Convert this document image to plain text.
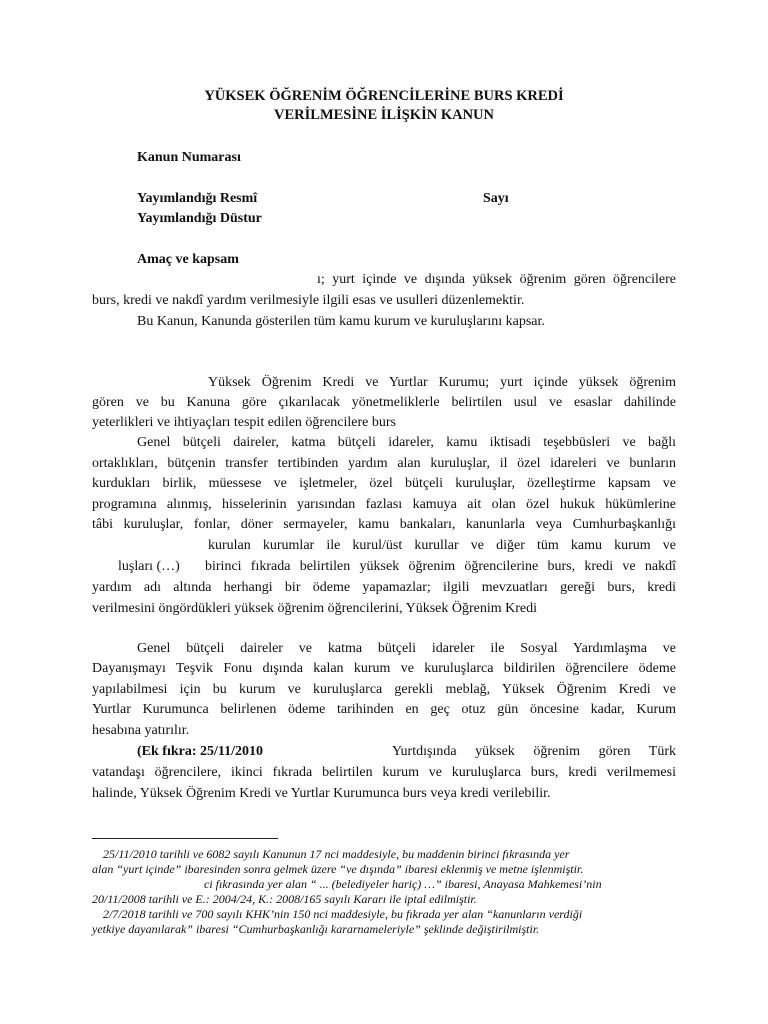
YÜKSEK ÖĞRENİM ÖĞRENCİLERİNE BURS KREDİ
VERİLMESİNE İLİŞKİN KANUN
Kanun Numarası
Yayımlandığı Resmî	Sayı
Yayımlandığı Düstur
Amaç ve kapsam
ı; yurt içinde ve dışında yüksek öğrenim gören öğrencilere
burs, kredi ve nakdî yardım verilmesiyle ilgili esas ve usulleri düzenlemektir.
Bu Kanun, Kanunda gösterilen tüm kamu kurum ve kuruluşlarını kapsar.
Yüksek Öğrenim Kredi ve Yurtlar Kurumu; yurt içinde yüksek öğrenim
gören ve bu Kanuna göre çıkarılacak yönetmeliklerle belirtilen usul ve esaslar dahilinde
yeterlikleri ve ihtiyaçları tespit edilen öğrencilere burs
Genel bütçeli daireler, katma bütçeli idareler, kamu iktisadi teşebbüsleri ve bağlı
ortaklıkları, bütçenin transfer tertibinden yardım alan kuruluşlar, il özel idareleri ve bunların
kurdukları birlik, müessese ve işletmeler, özel bütçeli kuruluşlar, özelleştirme kapsam ve
programına alınmış, hisselerinin yarısından fazlası kamuya ait olan özel hukuk hükümlerine
tâbi kuruluşlar, fonlar, döner sermayeler, kamu bankaları, kanunlarla veya Cumhurbaşkanlığı
kurulan kurumlar ile kurul/üst kurullar ve diğer tüm kamu kurum ve
luşları (…) birinci fıkrada belirtilen yüksek öğrenim öğrencilerine burs, kredi ve nakdî
yardım adı altında herhangi bir ödeme yapamazlar; ilgili mevzuatları gereği burs, kredi
verilmesini öngördükleri yüksek öğrenim öğrencilerini, Yüksek Öğrenim Kredi
Genel bütçeli daireler ve katma bütçeli idareler ile Sosyal Yardımlaşma ve
Dayanışmayı Teşvik Fonu dışında kalan kurum ve kuruluşlarca bildirilen öğrencilere ödeme
yapılabilmesi için bu kurum ve kuruluşlarca gerekli meblağ, Yüksek Öğrenim Kredi ve
Yurtlar Kurumunca belirlenen ödeme tarihinden en geç otuz gün öncesine kadar, Kurum
hesabına yatırılır.
(Ek fıkra: 25/11/2010	Yurtdışında yüksek öğrenim gören Türk
vatandaşı öğrencilere, ikinci fıkrada belirtilen kurum ve kuruluşlarca burs, kredi verilmemesi
halinde, Yüksek Öğrenim Kredi ve Yurtlar Kurumunca burs veya kredi verilebilir.
25/11/2010 tarihli ve 6082 sayılı Kanunun 17 nci maddesiyle, bu maddenin birinci fıkrasında yer
alan “yurt içinde” ibaresinden sonra gelmek üzere “ve dışında” ibaresi eklenmiş ve metne işlenmiştir.
ci fıkrasında yer alan “ ... (belediyeler hariç) …” ibaresi, Anayasa Mahkemesi’nin
20/11/2008 tarihli ve E.: 2004/24, K.: 2008/165 sayılı Kararı ile iptal edilmiştir.
2/7/2018 tarihli ve 700 sayılı KHK’nin 150 nci maddesiyle, bu fıkrada yer alan “kanunların verdiği
yetkiye dayanılarak” ibaresi “Cumhurbaşkanlığı kararnameleriyle” şeklinde değiştirilmiştir.
